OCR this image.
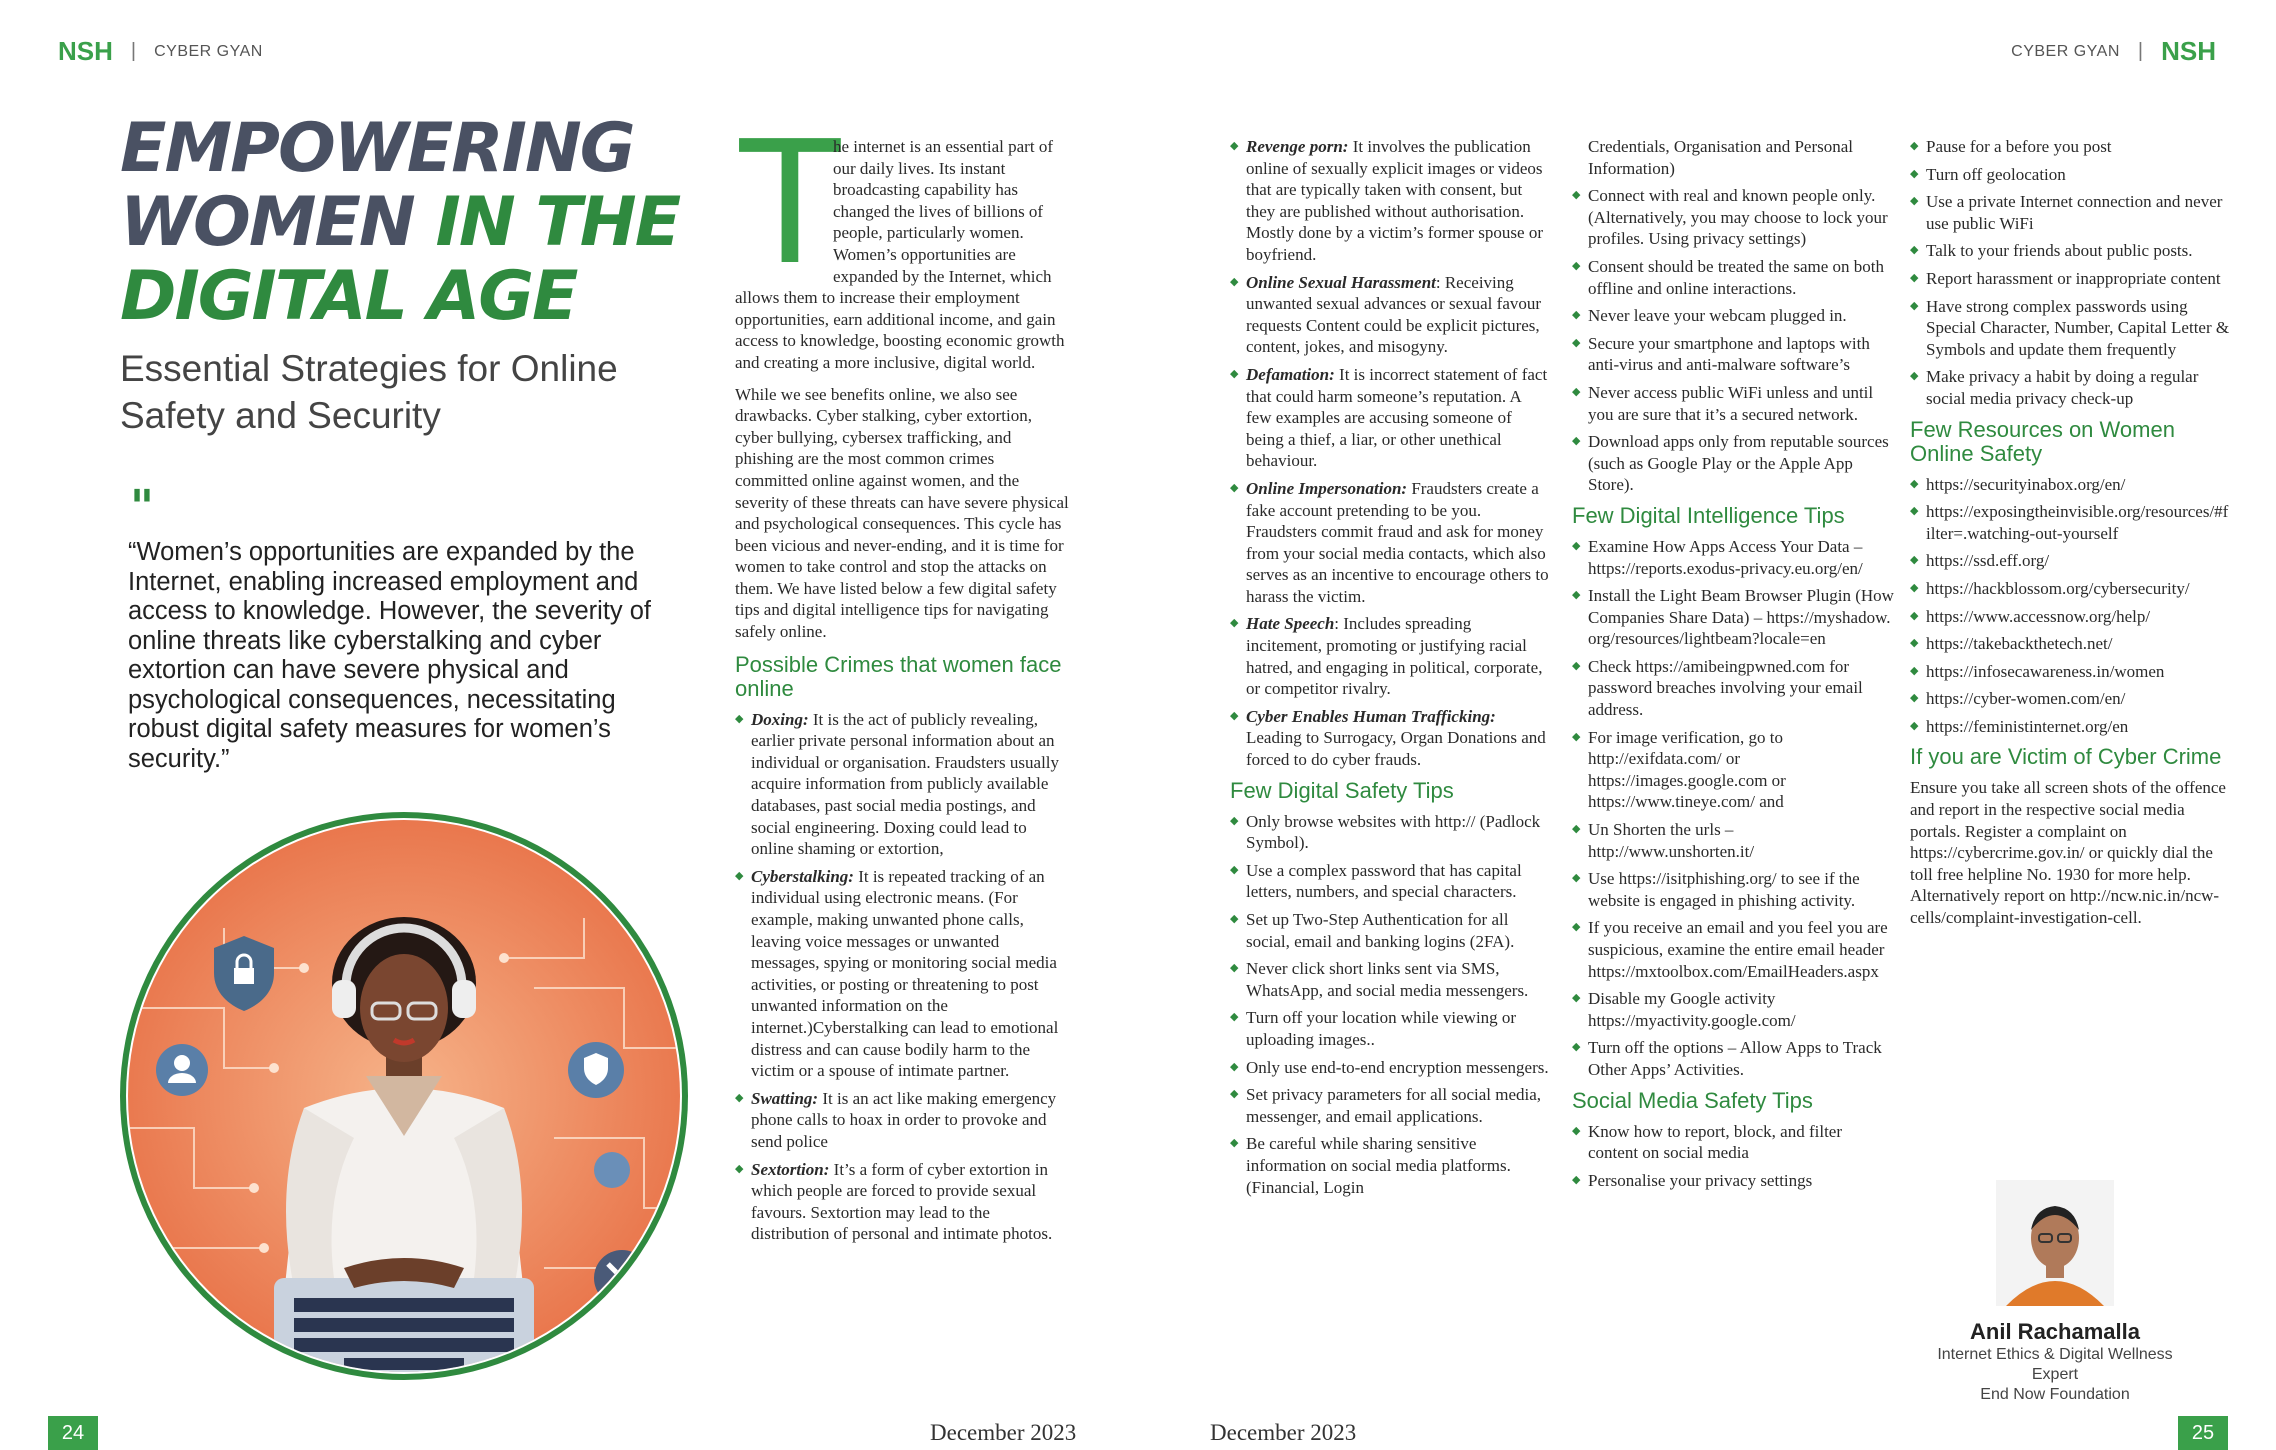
NSH | CYBER GYAN	CYBER GYAN | NSH
EMPOWERING
WOMEN IN THE
DIGITAL AGE
Essential Strategies for Online Safety and Security
"
“Women’s opportunities are expanded by the Internet, enabling increased employment and access to knowledge. However, the severity of online threats like cyberstalking and cyber extortion can have severe physical and psychological consequences, necessitating robust digital safety measures for women’s security.”
T

he internet is an essential part of our daily lives. Its instant broadcasting capability has changed the lives of billions of people, particularly women. Women’s opportunities are expanded by the Internet, which allows them to increase their employment opportunities, earn additional income, and gain access to knowledge, boosting economic growth and creating a more inclusive, digital world.

While we see benefits online, we also see drawbacks. Cyber stalking, cyber extortion, cyber bullying, cybersex trafficking, and phishing are the most common crimes committed online against women, and the severity of these threats can have severe physical and psychological consequences. This cycle has been vicious and never-ending, and it is time for women to take control and stop the attacks on them. We have listed below a few digital safety tips and digital intelligence tips for navigating safely online.

Possible Crimes that women face online
◆ Doxing: It is the act of publicly revealing, earlier private personal information about an individual or organisation. Fraudsters usually acquire information from publicly available databases, past social media postings, and social engineering. Doxing could lead to online shaming or extortion,
◆ Cyberstalking: It is repeated tracking of an individual using electronic means. (For example, making unwanted phone calls, leaving voice messages or unwanted messages, spying or monitoring social media activities, or posting or threatening to post unwanted information on the internet.)Cyberstalking can lead to emotional distress and can cause bodily harm to the victim or a spouse of intimate partner.
◆ Swatting: It is an act like making emergency phone calls to hoax in order to provoke and send police
◆ Sextortion: It’s a form of cyber extortion in which people are forced to provide sexual favours. Sextortion may lead to the distribution of personal and intimate photos.
◆ Revenge porn: It involves the publication online of sexually explicit images or videos that are typically taken with consent, but they are published without authorisation. Mostly done by a victim’s former spouse or boyfriend.
◆ Online Sexual Harassment: Receiving unwanted sexual advances or sexual favour requests Content could be explicit pictures, content, jokes, and misogyny.
◆ Defamation: It is incorrect statement of fact that could harm someone’s reputation. A few examples are accusing someone of being a thief, a liar, or other unethical behaviour.
◆ Online Impersonation: Fraudsters create a fake account pretending to be you. Fraudsters commit fraud and ask for money from your social media contacts, which also serves as an incentive to encourage others to harass the victim.
◆ Hate Speech: Includes spreading incitement, promoting or justifying racial hatred, and engaging in political, corporate, or competitor rivalry.
◆ Cyber Enables Human Trafficking: Leading to Surrogacy, Organ Donations and forced to do cyber frauds.
Few Digital Safety Tips
◆ Only browse websites with http:// (Padlock Symbol).
◆ Use a complex password that has capital letters, numbers, and special characters.
◆ Set up Two-Step Authentication for all social, email and banking logins (2FA).
◆ Never click short links sent via SMS, WhatsApp, and social media messengers.
◆ Turn off your location while viewing or uploading images..
◆ Only use end-to-end encryption messengers.
◆ Set privacy parameters for all social media, messenger, and email applications.
◆ Be careful while sharing sensitive information on social media platforms. (Financial, Login

Credentials, Organisation and Personal Information)

◆ Connect with real and known people only. (Alternatively, you may choose to lock your profiles. Using privacy settings)
◆ Consent should be treated the same on both offline and online interactions.
◆ Never leave your webcam plugged in.
◆ Secure your smartphone and laptops with anti-virus and anti-malware software’s
◆ Never access public WiFi unless and until you are sure that it’s a secured network.
◆ Download apps only from reputable sources (such as Google Play or the Apple App Store).
Few Digital Intelligence Tips
◆ Examine How Apps Access Your Data – https://reports.exodus-privacy.eu.org/en/
◆ Install the Light Beam Browser Plugin (How Companies Share Data) – https://myshadow.org/resources/lightbeam?locale=en
◆ Check https://amibeingpwned.com for password breaches involving your email address.
◆ For image verification, go to http://exifdata.com/ or https://images.google.com or https://www.tineye.com/ and
◆ Un Shorten the urls – http://www.unshorten.it/
◆ Use https://isitphishing.org/ to see if the website is engaged in phishing activity.
◆ If you receive an email and you feel you are suspicious, examine the entire email header https://mxtoolbox.com/EmailHeaders.aspx
◆ Disable my Google activity https://myactivity.google.com/
◆ Turn off the options – Allow Apps to Track Other Apps’ Activities.
Social Media Safety Tips
◆ Know how to report, block, and filter content on social media
◆ Personalise your privacy settings
◆ Pause for a before you post
◆ Turn off geolocation
◆ Use a private Internet connection and never use public WiFi
◆ Talk to your friends about public posts.
◆ Report harassment or inappropriate content
◆ Have strong complex passwords using Special Character, Number, Capital Letter & Symbols and update them frequently
◆ Make privacy a habit by doing a regular social media privacy check-up
Few Resources on Women Online Safety
◆ https://securityinabox.org/en/
◆ https://exposingtheinvisible.org/resources/#filter=.watching-out-yourself
◆ https://ssd.eff.org/
◆ https://hackblossom.org/cybersecurity/
◆ https://www.accessnow.org/help/
◆ https://takebackthetech.net/
◆ https://infosecawareness.in/women
◆ https://cyber-women.com/en/
◆ https://feministinternet.org/en
If you are Victim of Cyber Crime

Ensure you take all screen shots of the offence and report in the respective social media portals. Register a complaint on https://cybercrime.gov.in/ or quickly dial the toll free helpline No. 1930 for more help. Alternatively report on http://ncw.nic.in/ncw-cells/complaint-investigation-cell.

Anil Rachamalla
Internet Ethics & Digital Wellness Expert
End Now Foundation
24	25
December 2023	December 2023
